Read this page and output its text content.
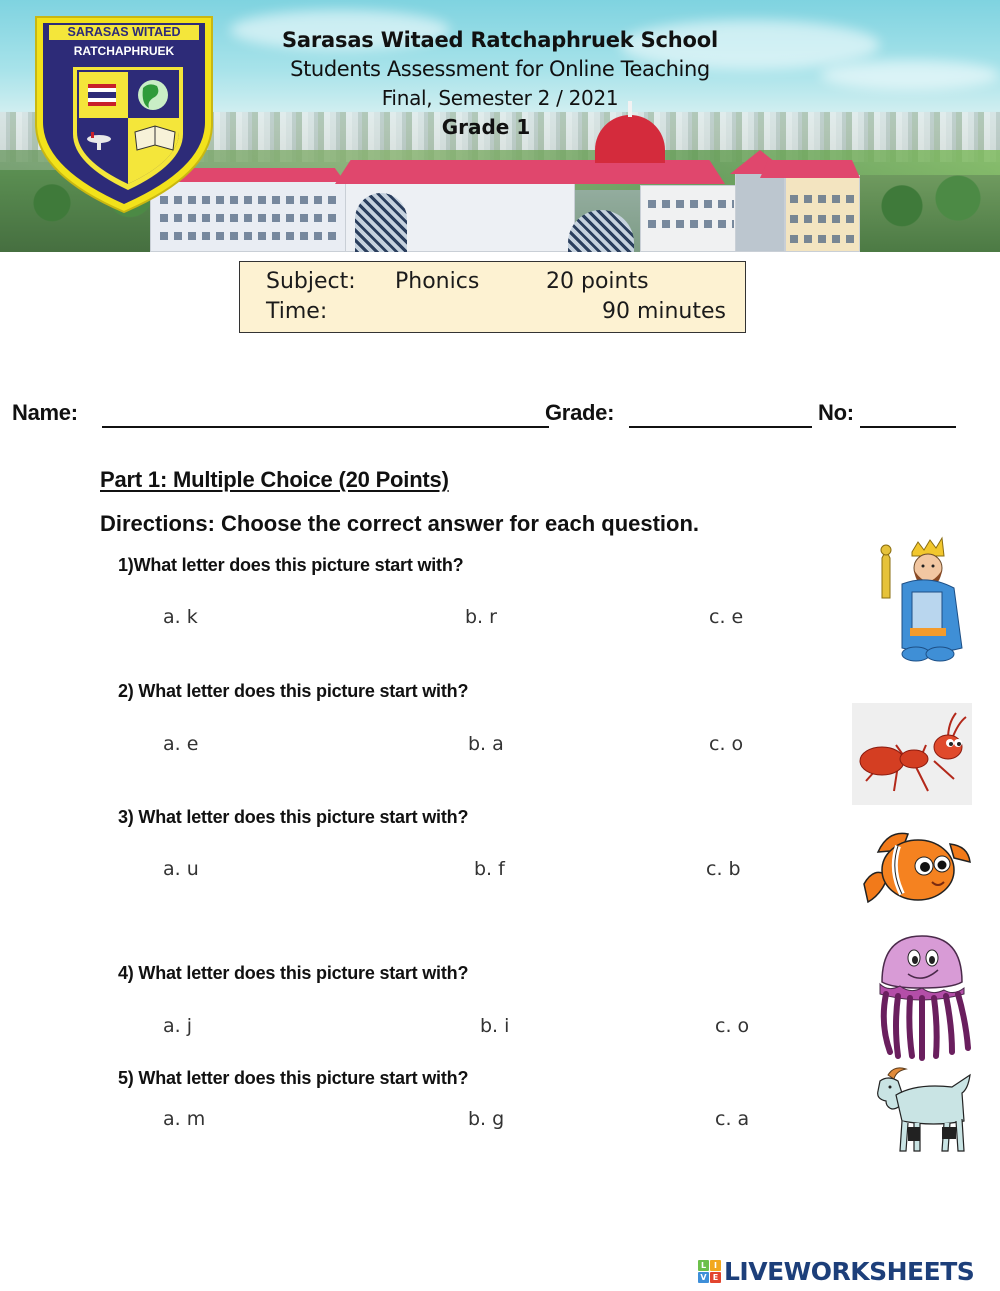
SARASAS WITAED
RATCHAPHRUEK	Sarasas Witaed Ratchaphruek School
Students Assessment for Online Teaching
Final, Semester 2 / 2021
Grade 1
Subject: Phonics	20 points
Time:	90 minutes
Name:	Grade:	No:
Part 1: Multiple Choice (20 Points)
Directions: Choose the correct answer for each question.
1)What letter does this picture start with?
a. k	b. r	c. e
2) What letter does this picture start with?
a. e	b. a	c. o
3) What letter does this picture start with?
a. u	b. f	c. b
4) What letter does this picture start with?
a. j	b. i	c. o
5) What letter does this picture start with?
a. m	b. g	c. a
L I
V E LIVEWORKSHEETS
